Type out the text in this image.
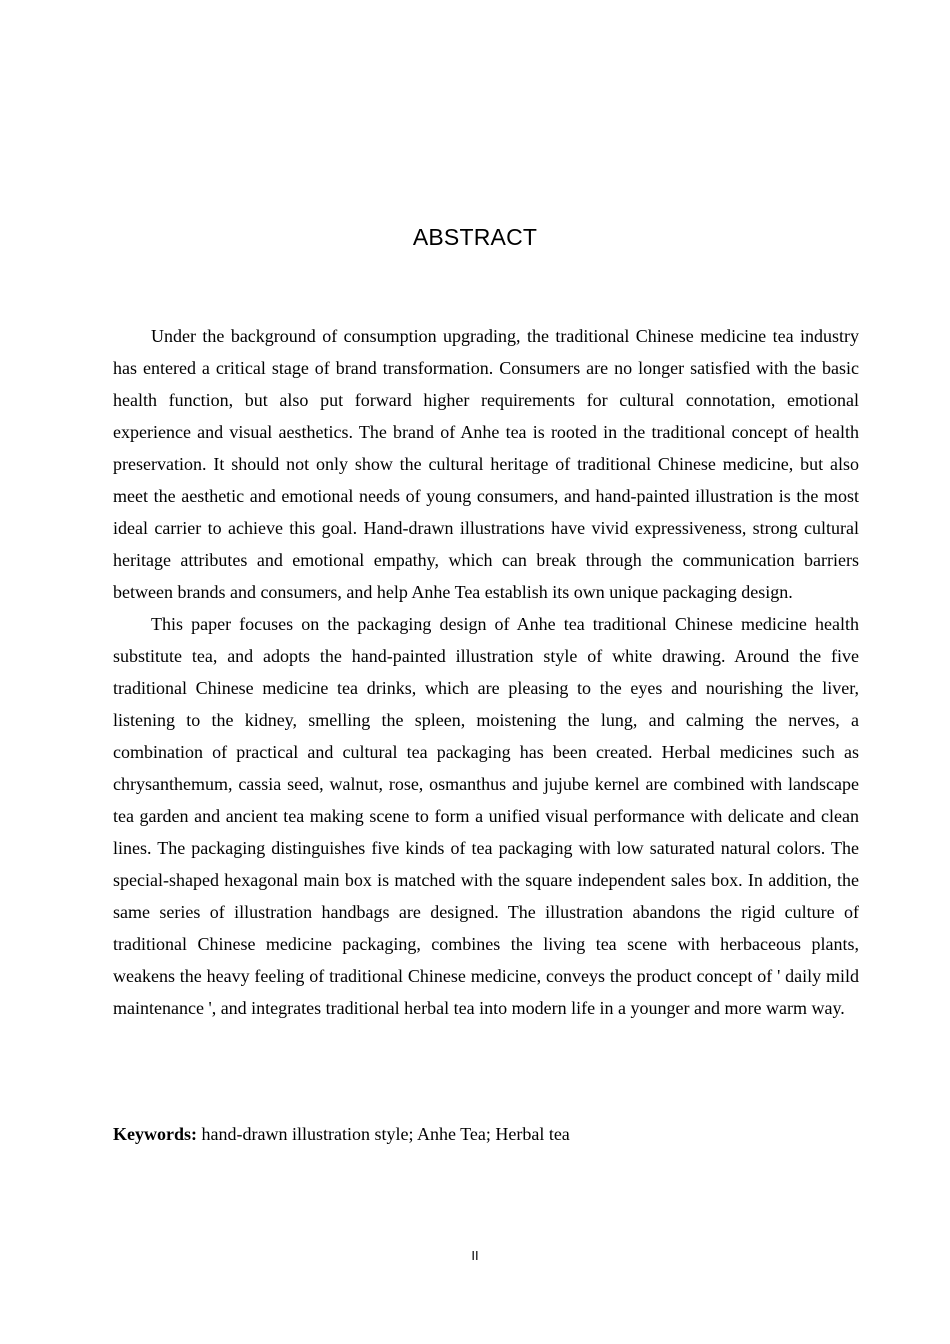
ABSTRACT

Under the background of consumption upgrading, the traditional Chinese medicine tea industry has entered a critical stage of brand transformation. Consumers are no longer satisfied with the basic health function, but also put forward higher requirements for cultural connotation, emotional experience and visual aesthetics. The brand of Anhe tea is rooted in the traditional concept of health preservation. It should not only show the cultural heritage of traditional Chinese medicine, but also meet the aesthetic and emotional needs of young consumers, and hand-painted illustration is the most ideal carrier to achieve this goal. Hand-drawn illustrations have vivid expressiveness, strong cultural heritage attributes and emotional empathy, which can break through the communication barriers between brands and consumers, and help Anhe Tea establish its own unique packaging design.

This paper focuses on the packaging design of Anhe tea traditional Chinese medicine health substitute tea, and adopts the hand-painted illustration style of white drawing. Around the five traditional Chinese medicine tea drinks, which are pleasing to the eyes and nourishing the liver, listening to the kidney, smelling the spleen, moistening the lung, and calming the nerves, a combination of practical and cultural tea packaging has been created. Herbal medicines such as chrysanthemum, cassia seed, walnut, rose, osmanthus and jujube kernel are combined with landscape tea garden and ancient tea making scene to form a unified visual performance with delicate and clean lines. The packaging distinguishes five kinds of tea packaging with low saturated natural colors. The special-shaped hexagonal main box is matched with the square independent sales box. In addition, the same series of illustration handbags are designed. The illustration abandons the rigid culture of traditional Chinese medicine packaging, combines the living tea scene with herbaceous plants, weakens the heavy feeling of traditional Chinese medicine, conveys the product concept of ' daily mild maintenance ', and integrates traditional herbal tea into modern life in a younger and more warm way.

Keywords: hand-drawn illustration style; Anhe Tea; Herbal tea

II
